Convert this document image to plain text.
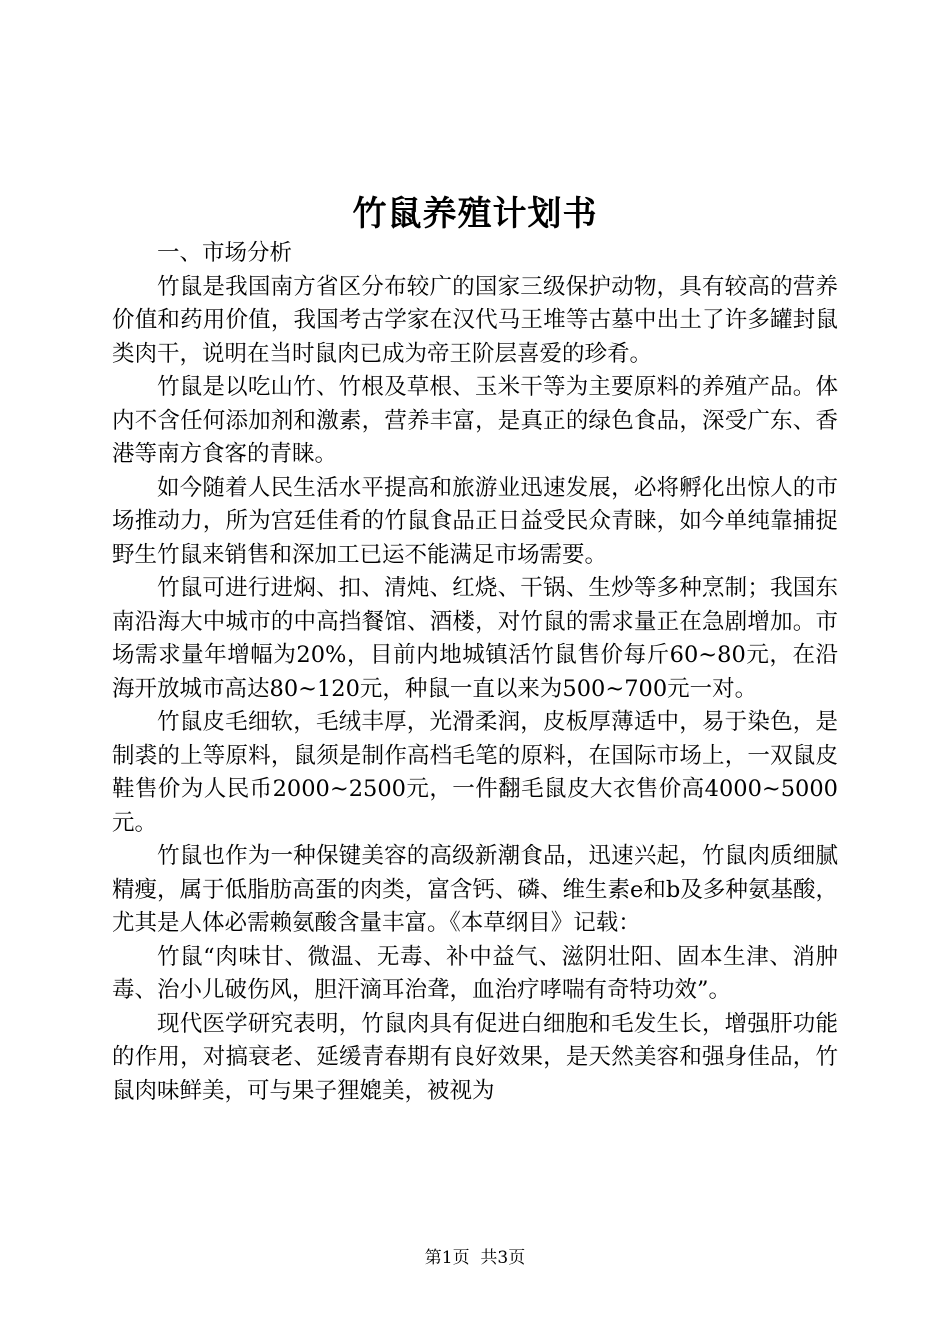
竹鼠养殖计划书

一、市场分析

竹鼠是我国南方省区分布较广的国家三级保护动物，具有较高的营养价值和药用价值，我国考古学家在汉代马王堆等古墓中出土了许多罐封鼠类肉干，说明在当时鼠肉已成为帝王阶层喜爱的珍肴。

竹鼠是以吃山竹、竹根及草根、玉米干等为主要原料的养殖产品。体内不含任何添加剂和激素，营养丰富，是真正的绿色食品，深受广东、香港等南方食客的青睐。

如今随着人民生活水平提高和旅游业迅速发展，必将孵化出惊人的市场推动力，所为宫廷佳肴的竹鼠食品正日益受民众青睐，如今单纯靠捕捉野生竹鼠来销售和深加工已运不能满足市场需要。

竹鼠可进行进焖、扣、清炖、红烧、干锅、生炒等多种烹制；我国东南沿海大中城市的中高挡餐馆、酒楼，对竹鼠的需求量正在急剧增加。市场需求量年增幅为20%，目前内地城镇活竹鼠售价每斤60~80元，在沿海开放城市高达80~120元，种鼠一直以来为500~700元一对。

竹鼠皮毛细软，毛绒丰厚，光滑柔润，皮板厚薄适中，易于染色，是制裘的上等原料，鼠须是制作高档毛笔的原料，在国际市场上，一双鼠皮鞋售价为人民币2000~2500元，一件翻毛鼠皮大衣售价高4000~5000元。

竹鼠也作为一种保键美容的高级新潮食品，迅速兴起，竹鼠肉质细腻精瘦，属于低脂肪高蛋的肉类，富含钙、磷、维生素e和b及多种氨基酸，尤其是人体必需赖氨酸含量丰富。《本草纲目》记载：

竹鼠“肉味甘、微温、无毒、补中益气、滋阴壮阳、固本生津、消肿毒、治小儿破伤风，胆汗滴耳治聋，血治疗哮喘有奇特功效”。

现代医学研究表明，竹鼠肉具有促进白细胞和毛发生长，增强肝功能的作用，对搞衰老、延缓青春期有良好效果，是天然美容和强身佳品，竹鼠肉味鲜美，可与果子狸媲美，被视为

第1页  共3页
